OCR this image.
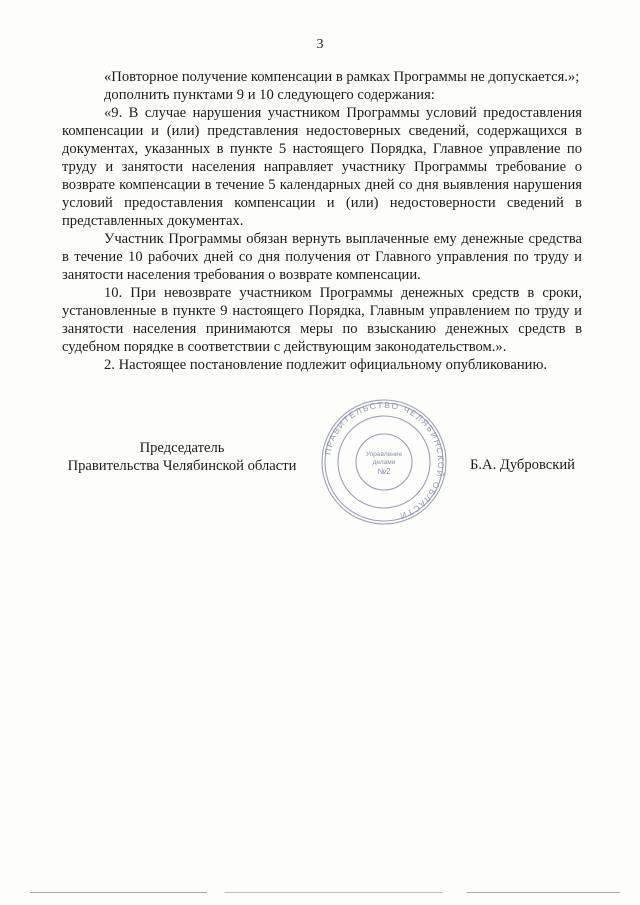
3

«Повторное получение компенсации в рамках Программы не допускается.»;

дополнить пунктами 9 и 10 следующего содержания:

«9. В случае нарушения участником Программы условий предоставления компенсации и (или) представления недостоверных сведений, содержащихся в документах, указанных в пункте 5 настоящего Порядка, Главное управление по труду и занятости населения направляет участнику Программы требование о возврате компенсации в течение 5 календарных дней со дня выявления нарушения условий предоставления компенсации и (или) недостоверности сведений в представленных документах.

Участник Программы обязан вернуть выплаченные ему денежные средства в течение 10 рабочих дней со дня получения от Главного управления по труду и занятости населения требования о возврате компенсации.

10. При невозврате участником Программы денежных средств в сроки, установленные в пункте 9 настоящего Порядка, Главным управлением по труду и занятости населения принимаются меры по взысканию денежных средств в судебном порядке в соответствии с действующим законодательством.».

2. Настоящее постановление подлежит официальному опубликованию.

Председатель
Правительства Челябинской области
ПРАВИТЕЛЬСТВО ЧЕЛЯБИНСКОЙ ОБЛАСТИ
Управление
делами
№2	Б.А. Дубровский
